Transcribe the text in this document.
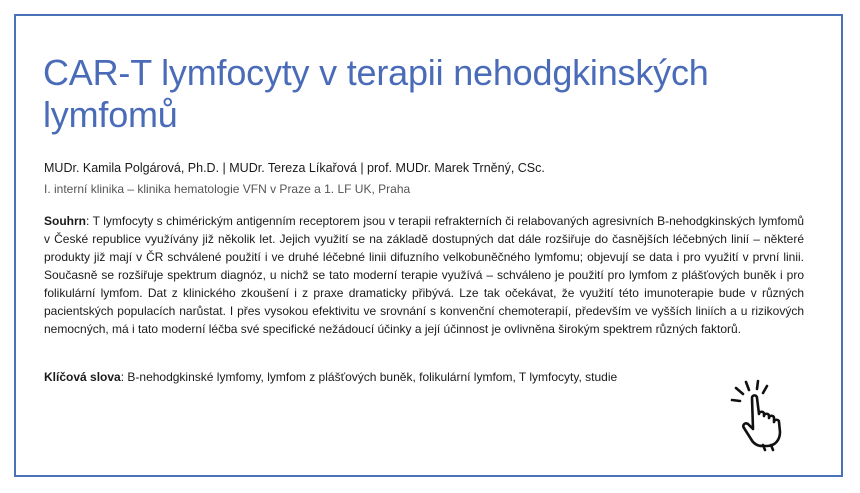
CAR-T lymfocyty v terapii nehodgkinských lymfomů
MUDr. Kamila Polgárová, Ph.D. | MUDr. Tereza Líkařová | prof. MUDr. Marek Trněný, CSc.
I. interní klinika – klinika hematologie VFN v Praze a 1. LF UK, Praha
Souhrn: T lymfocyty s chimérickým antigenním receptorem jsou v terapii refrakterních či relabovaných agresivních B-nehodgkinských lymfomů v České republice využívány již několik let. Jejich využití se na základě dostupných dat dále rozšiřuje do časnějších léčebných linií – některé produkty již mají v ČR schválené použití i ve druhé léčebné linii difuzního velkobuněčného lymfomu; objevují se data i pro využití v první linii. Současně se rozšiřuje spektrum diagnóz, u nichž se tato moderní terapie využívá – schváleno je použití pro lymfom z plášťových buněk i pro folikulární lymfom. Dat z klinického zkoušení i z praxe dramaticky přibývá. Lze tak očekávat, že využití této imunoterapie bude v různých pacientských populacích narůstat. I přes vysokou efektivitu ve srovnání s konvenční chemoterapií, především ve vyšších liniích a u rizikových nemocných, má i tato moderní léčba své specifické nežádoucí účinky a její účinnost je ovlivněna širokým spektrem různých faktorů.
Klíčová slova: B-nehodgkinské lymfomy, lymfom z plášťových buněk, folikulární lymfom, T lymfocyty, studie
